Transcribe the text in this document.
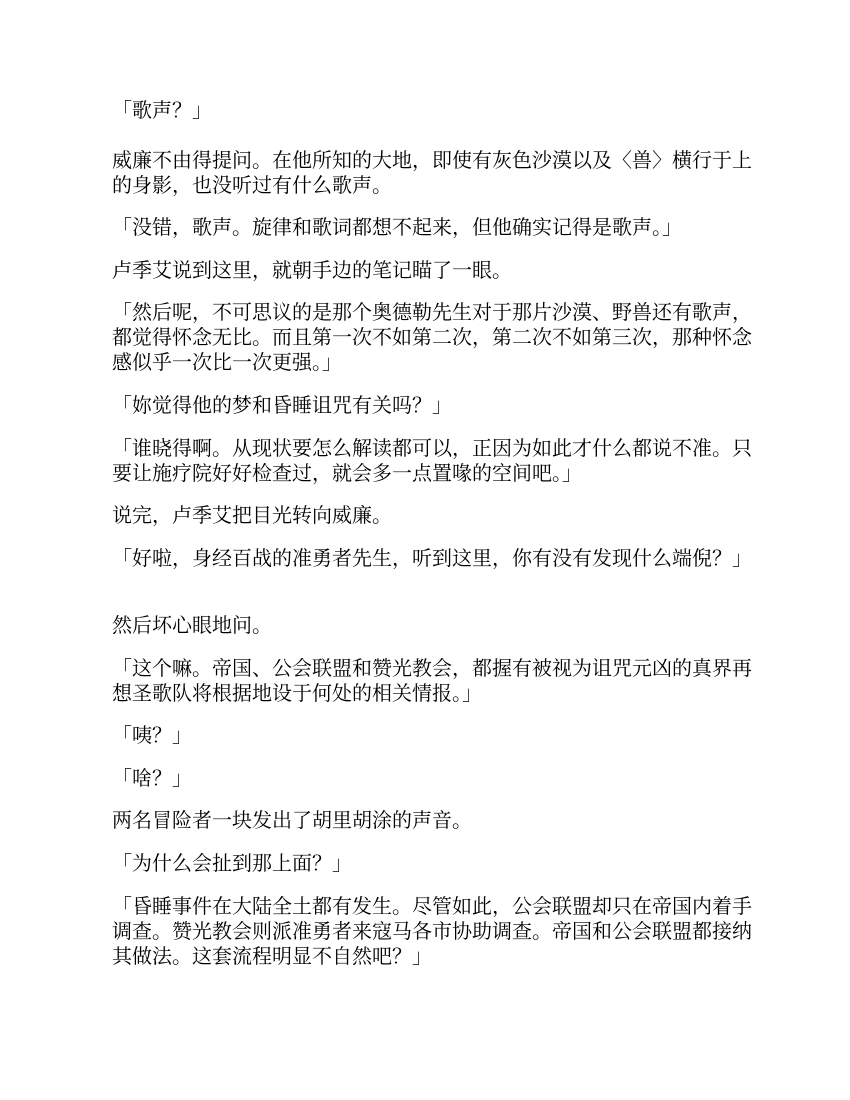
「歌声？」

威廉不由得提问。在他所知的大地，即使有灰色沙漠以及〈兽〉横行于上的身影，也没听过有什么歌声。

「没错，歌声。旋律和歌词都想不起来，但他确实记得是歌声。」

卢季艾说到这里，就朝手边的笔记瞄了一眼。

「然后呢，不可思议的是那个奥德勒先生对于那片沙漠、野兽还有歌声，都觉得怀念无比。而且第一次不如第二次，第二次不如第三次，那种怀念感似乎一次比一次更强。」

「妳觉得他的梦和昏睡诅咒有关吗？」

「谁晓得啊。从现状要怎么解读都可以，正因为如此才什么都说不准。只要让施疗院好好检查过，就会多一点置喙的空间吧。」

说完，卢季艾把目光转向威廉。

「好啦，身经百战的准勇者先生，听到这里，你有没有发现什么端倪？」

然后坏心眼地问。

「这个嘛。帝国、公会联盟和赞光教会，都握有被视为诅咒元凶的真界再想圣歌队将根据地设于何处的相关情报。」

「咦？」

「啥？」

两名冒险者一块发出了胡里胡涂的声音。

「为什么会扯到那上面？」

「昏睡事件在大陆全土都有发生。尽管如此，公会联盟却只在帝国内着手调查。赞光教会则派准勇者来寇马各市协助调查。帝国和公会联盟都接纳其做法。这套流程明显不自然吧？」
